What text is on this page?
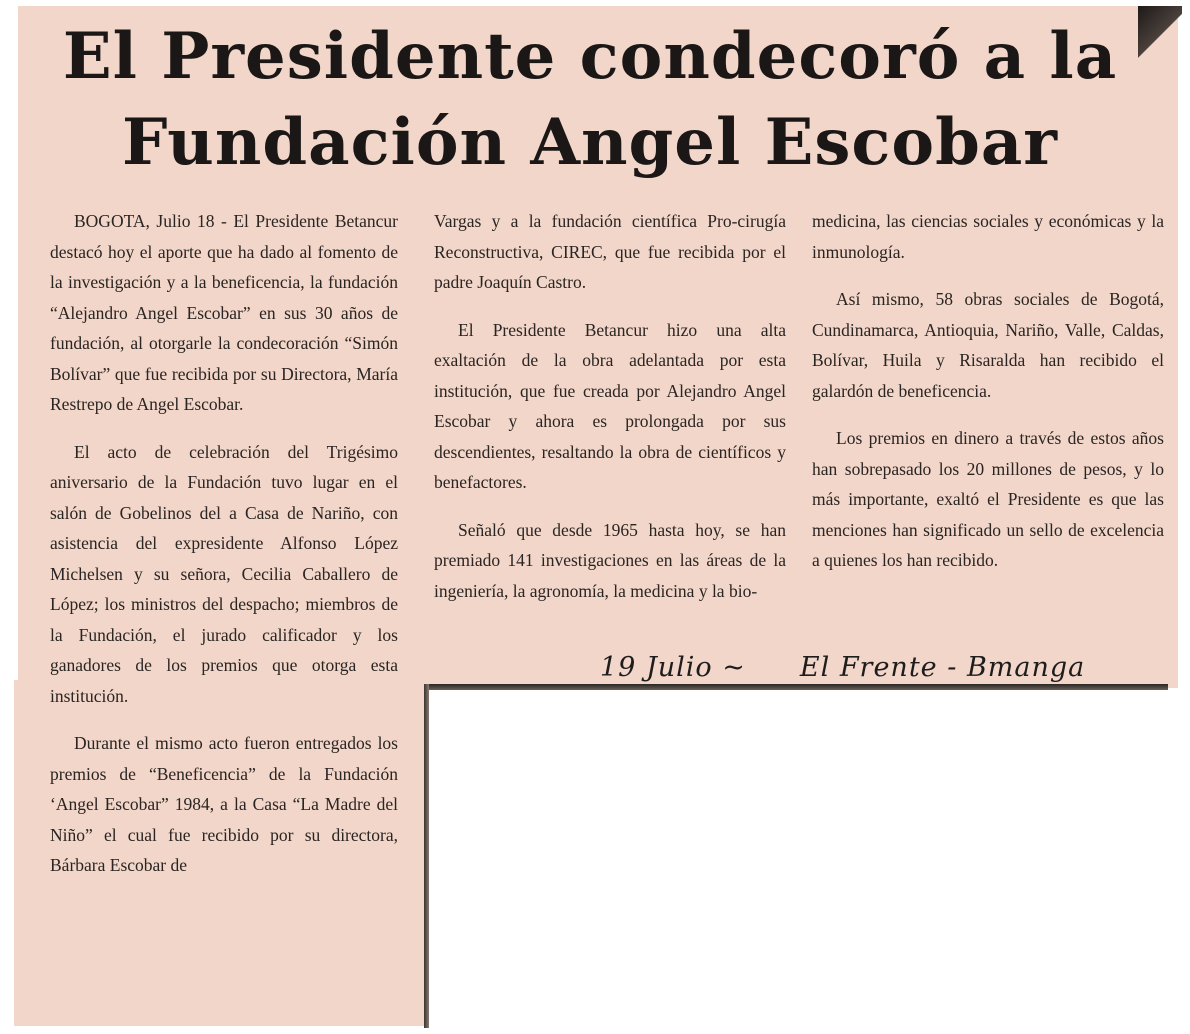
El Presidente condecoró a la Fundación Angel Escobar

BOGOTA, Julio 18 - El Presidente Betancur destacó hoy el aporte que ha dado al fomento de la investigación y a la beneficencia, la fundación “Alejandro Angel Escobar” en sus 30 años de fundación, al otorgarle la condecoración “Simón Bolívar” que fue recibida por su Directora, María Restrepo de Angel Escobar.

El acto de celebración del Trigésimo aniversario de la Fundación tuvo lugar en el salón de Gobelinos del a Casa de Nariño, con asistencia del expresidente Alfonso López Michelsen y su señora, Cecilia Caballero de López; los ministros del despacho; miembros de la Fundación, el jurado calificador y los ganadores de los premios que otorga esta institución.

Durante el mismo acto fueron entregados los premios de “Beneficencia” de la Fundación ‘Angel Escobar” 1984, a la Casa “La Madre del Niño” el cual fue recibido por su directora, Bárbara Escobar de

Vargas y a la fundación científica Pro-cirugía Reconstructiva, CIREC, que fue recibida por el padre Joaquín Castro.

El Presidente Betancur hizo una alta exaltación de la obra adelantada por esta institución, que fue creada por Alejandro Angel Escobar y ahora es prolongada por sus descendientes, resaltando la obra de científicos y benefactores.

Señaló que desde 1965 hasta hoy, se han premiado 141 investigaciones en las áreas de la ingeniería, la agronomía, la medicina y la bio-

medicina, las ciencias sociales y económicas y la inmunología.

Así mismo, 58 obras sociales de Bogotá, Cundinamarca, Antioquia, Nariño, Valle, Caldas, Bolívar, Huila y Risaralda han recibido el galardón de beneficencia.

Los premios en dinero a través de estos años han sobrepasado los 20 millones de pesos, y lo más importante, exaltó el Presidente es que las menciones han significado un sello de excelencia a quienes los han recibido.

19 Julio ~ El Frente - Bmanga
